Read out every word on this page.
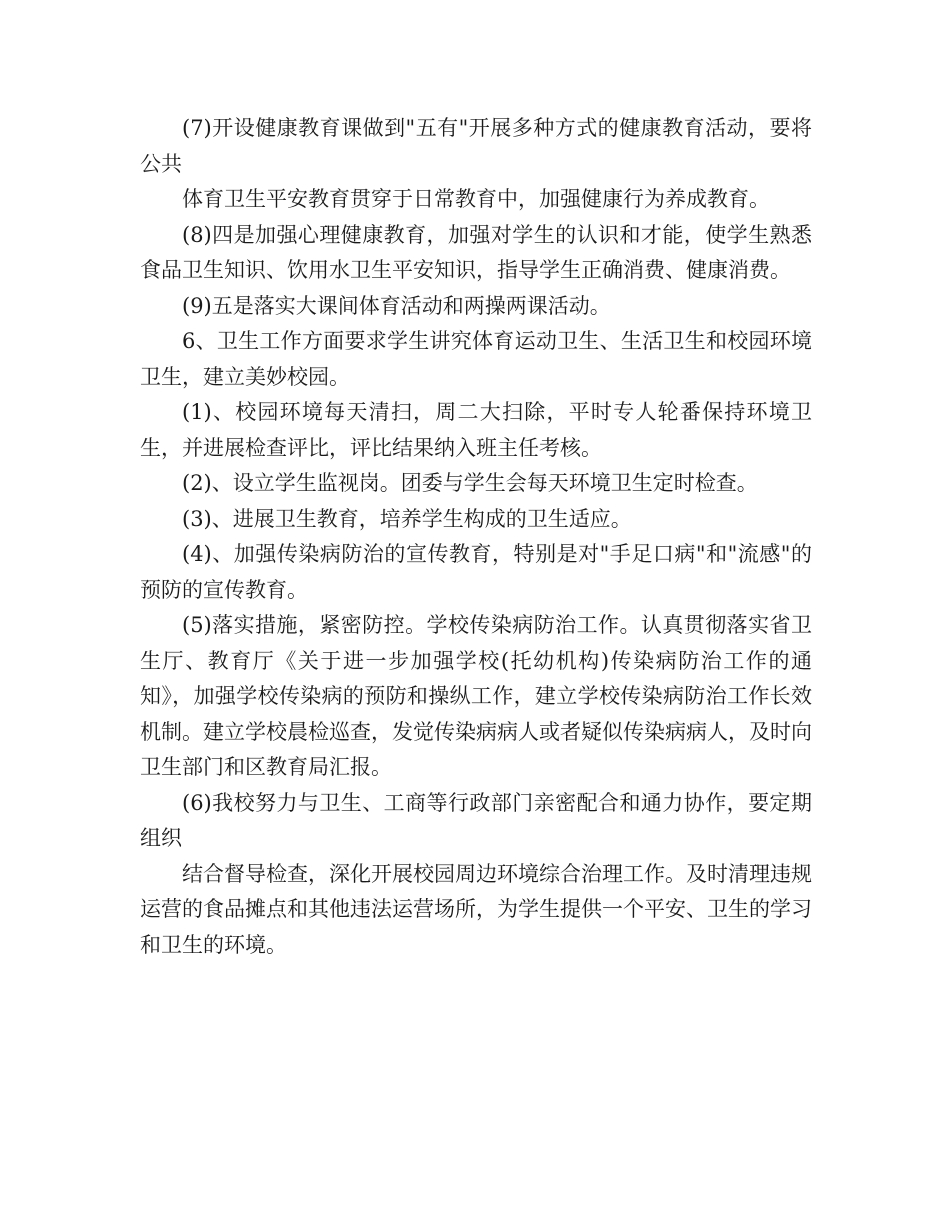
(7)开设健康教育课做到"五有"开展多种方式的健康教育活动，要将公共

体育卫生平安教育贯穿于日常教育中，加强健康行为养成教育。

(8)四是加强心理健康教育，加强对学生的认识和才能，使学生熟悉食品卫生知识、饮用水卫生平安知识，指导学生正确消费、健康消费。

(9)五是落实大课间体育活动和两操两课活动。

6、卫生工作方面要求学生讲究体育运动卫生、生活卫生和校园环境卫生，建立美妙校园。

(1)、校园环境每天清扫，周二大扫除，平时专人轮番保持环境卫生，并进展检查评比，评比结果纳入班主任考核。

(2)、设立学生监视岗。团委与学生会每天环境卫生定时检查。

(3)、进展卫生教育，培养学生构成的卫生适应。

(4)、加强传染病防治的宣传教育，特别是对"手足口病"和"流感"的预防的宣传教育。

(5)落实措施，紧密防控。学校传染病防治工作。认真贯彻落实省卫生厅、教育厅《关于进一步加强学校(托幼机构)传染病防治工作的通知》，加强学校传染病的预防和操纵工作，建立学校传染病防治工作长效机制。建立学校晨检巡查，发觉传染病病人或者疑似传染病病人，及时向卫生部门和区教育局汇报。

(6)我校努力与卫生、工商等行政部门亲密配合和通力协作，要定期组织

结合督导检查，深化开展校园周边环境综合治理工作。及时清理违规运营的食品摊点和其他违法运营场所，为学生提供一个平安、卫生的学习和卫生的环境。
